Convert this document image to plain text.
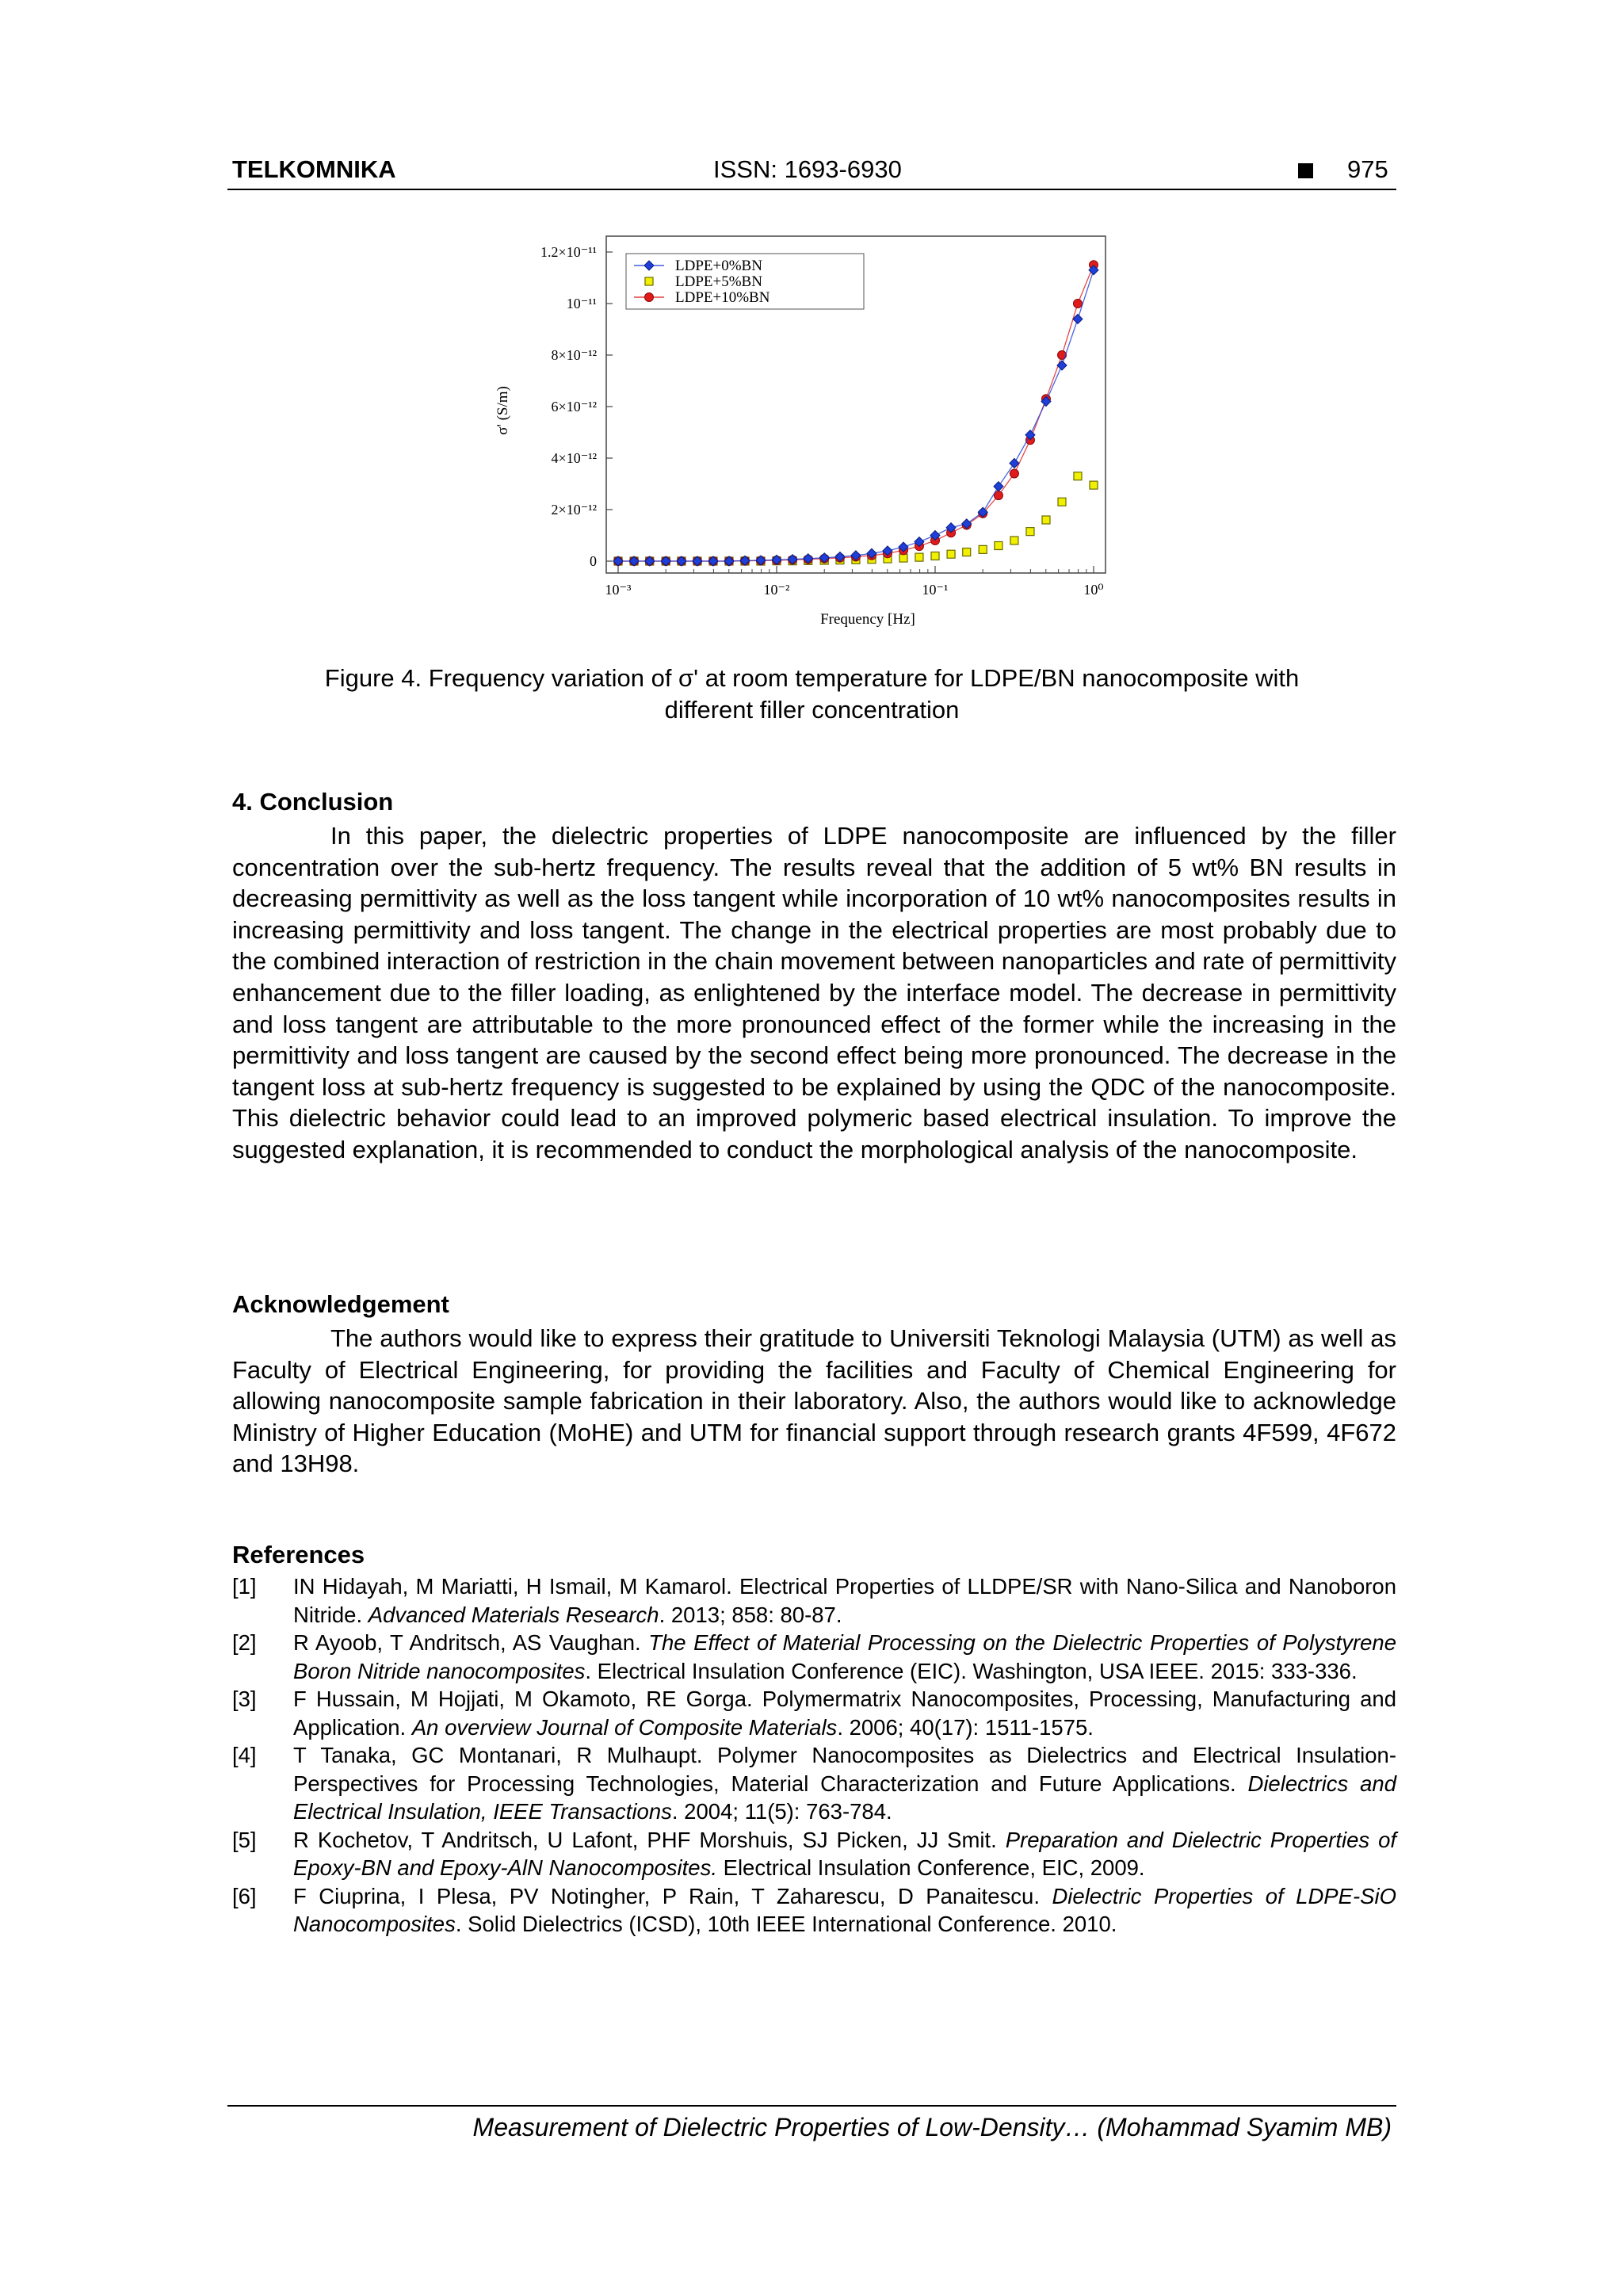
TELKOMNIKA	ISSN: 1693-6930	975
0
2×10⁻¹²
4×10⁻¹²
6×10⁻¹²
8×10⁻¹²
10⁻¹¹
1.2×10⁻¹¹
10⁻³	10⁻²	10⁻¹	10⁰
LDPE+0%BN
LDPE+5%BN
LDPE+10%BN
Frequency [Hz]
σ' (S/m)
Figure 4. Frequency variation of σ' at room temperature for LDPE/BN nanocomposite with
different filler concentration
4. Conclusion
In this paper, the dielectric properties of LDPE nanocomposite are influenced by the filler concentration over the sub-hertz frequency. The results reveal that the addition of 5 wt% BN results in decreasing permittivity as well as the loss tangent while incorporation of 10 wt% nanocomposites results in increasing permittivity and loss tangent. The change in the electrical properties are most probably due to the combined interaction of restriction in the chain movement between nanoparticles and rate of permittivity enhancement due to the filler loading, as enlightened by the interface model. The decrease in permittivity and loss tangent are attributable to the more pronounced effect of the former while the increasing in the permittivity and loss tangent are caused by the second effect being more pronounced. The decrease in the tangent loss at sub-hertz frequency is suggested to be explained by using the QDC of the nanocomposite. This dielectric behavior could lead to an improved polymeric based electrical insulation. To improve the suggested explanation, it is recommended to conduct the morphological analysis of the nanocomposite.
Acknowledgement
The authors would like to express their gratitude to Universiti Teknologi Malaysia (UTM) as well as Faculty of Electrical Engineering, for providing the facilities and Faculty of Chemical Engineering for allowing nanocomposite sample fabrication in their laboratory. Also, the authors would like to acknowledge Ministry of Higher Education (MoHE) and UTM for financial support through research grants 4F599, 4F672 and 13H98.
References
[1]	IN Hidayah, M Mariatti, H Ismail, M Kamarol. Electrical Properties of LLDPE/SR with Nano-Silica and Nanoboron Nitride. Advanced Materials Research. 2013; 858: 80-87.
[2]	R Ayoob, T Andritsch, AS Vaughan. The Effect of Material Processing on the Dielectric Properties of Polystyrene Boron Nitride nanocomposites. Electrical Insulation Conference (EIC). Washington, USA IEEE. 2015: 333-336.
[3]	F Hussain, M Hojjati, M Okamoto, RE Gorga. Polymermatrix Nanocomposites, Processing, Manufacturing and Application. An overview Journal of Composite Materials. 2006; 40(17): 1511-1575.
[4]	T Tanaka, GC Montanari, R Mulhaupt. Polymer Nanocomposites as Dielectrics and Electrical Insulation-Perspectives for Processing Technologies, Material Characterization and Future Applications. Dielectrics and Electrical Insulation, IEEE Transactions. 2004; 11(5): 763-784.
[5]	R Kochetov, T Andritsch, U Lafont, PHF Morshuis, SJ Picken, JJ Smit. Preparation and Dielectric Properties of Epoxy-BN and Epoxy-AlN Nanocomposites. Electrical Insulation Conference, EIC, 2009.
[6]	F Ciuprina, I Plesa, PV Notingher, P Rain, T Zaharescu, D Panaitescu. Dielectric Properties of LDPE-SiO Nanocomposites. Solid Dielectrics (ICSD), 10th IEEE International Conference. 2010.
Measurement of Dielectric Properties of Low-Density… (Mohammad Syamim MB)
